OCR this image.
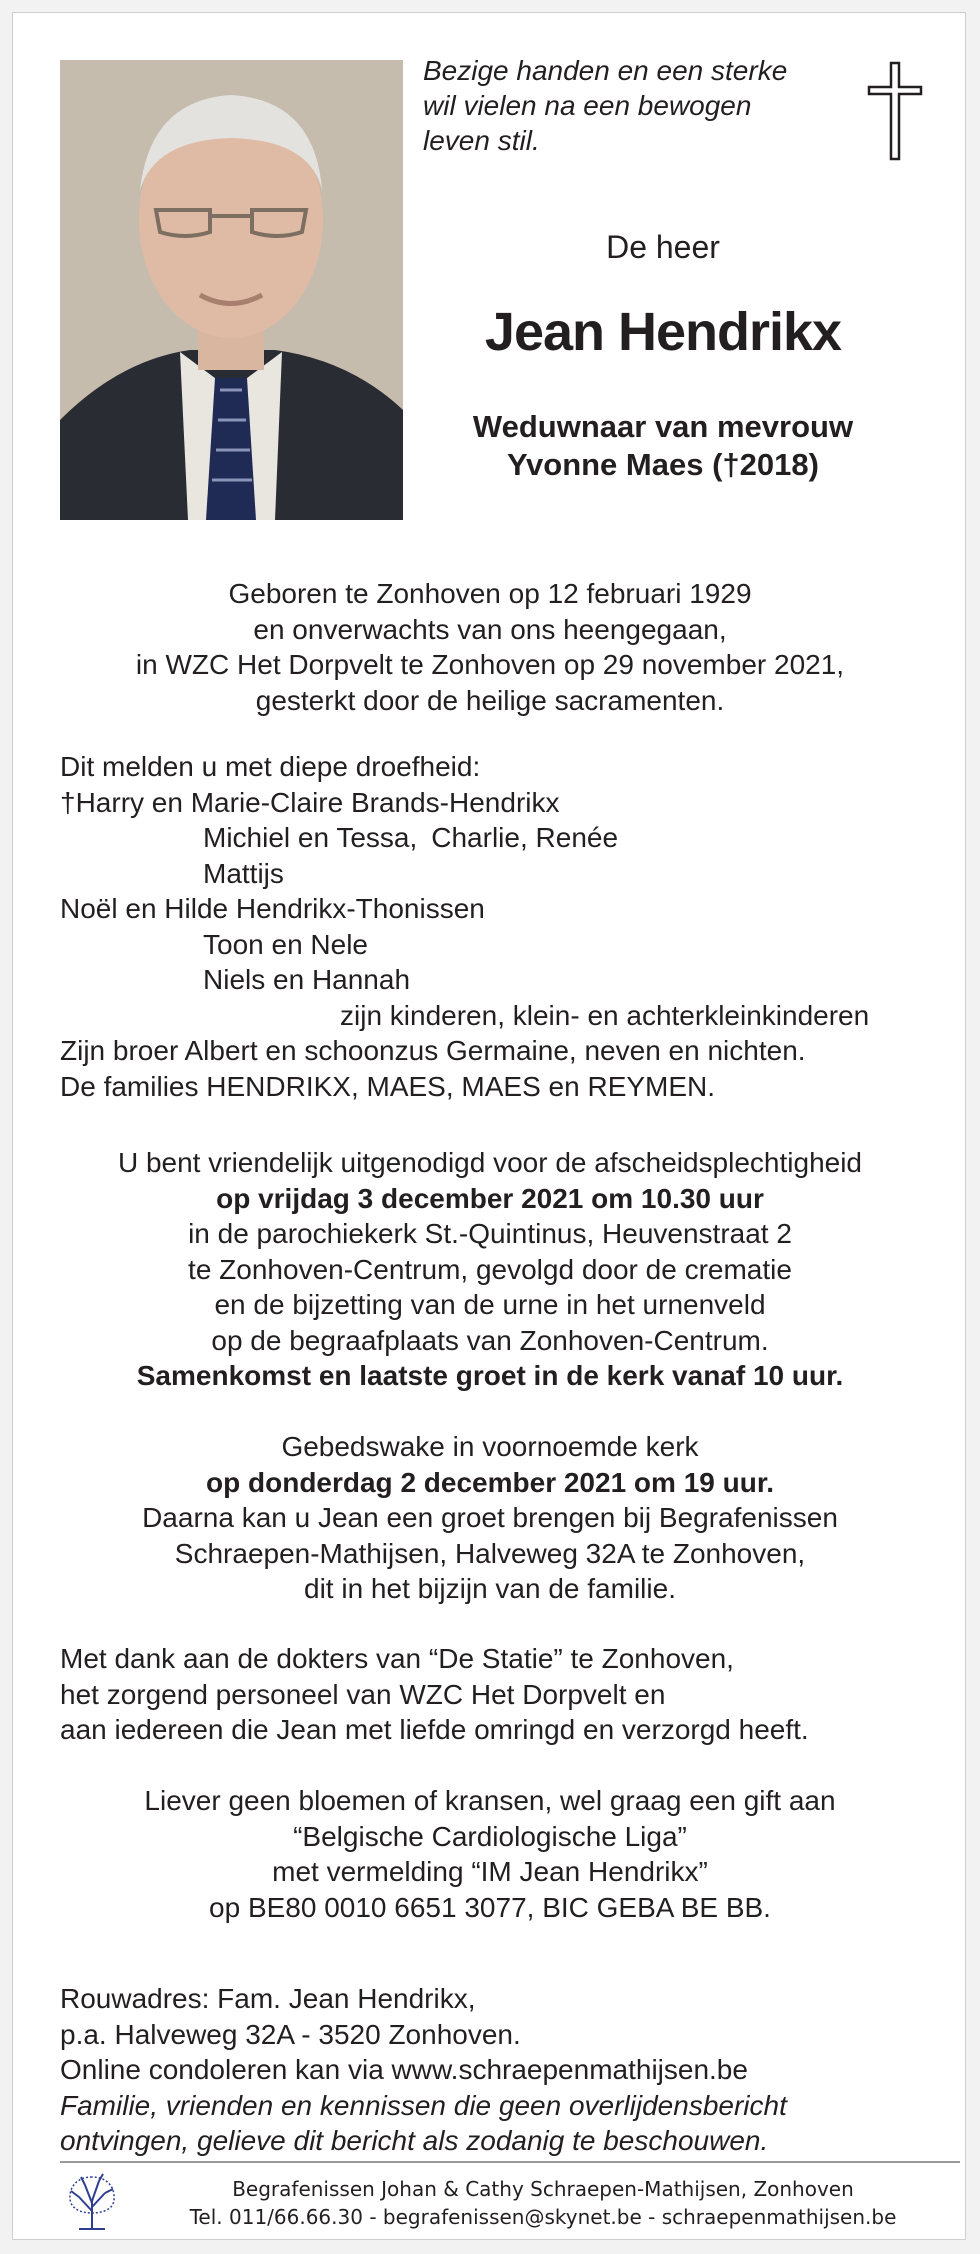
Bezige handen en een sterke
wil vielen na een bewogen
leven stil.

De heer
Jean Hendrikx
Weduwnaar van mevrouw
Yvonne Maes (†2018)
Geboren te Zonhoven op 12 februari 1929
en onverwachts van ons heengegaan,
in WZC Het Dorpvelt te Zonhoven op 29 november 2021,
gesterkt door de heilige sacramenten.
Dit melden u met diepe droefheid:
†Harry en Marie-Claire Brands-Hendrikx
Michiel en Tessa, Charlie, Renée
Mattijs
Noël en Hilde Hendrikx-Thonissen
Toon en Nele
Niels en Hannah
zijn kinderen, klein- en achterkleinkinderen
Zijn broer Albert en schoonzus Germaine, neven en nichten.
De families HENDRIKX, MAES, MAES en REYMEN.
U bent vriendelijk uitgenodigd voor de afscheidsplechtigheid
op vrijdag 3 december 2021 om 10.30 uur
in de parochiekerk St.-Quintinus, Heuvenstraat 2
te Zonhoven-Centrum, gevolgd door de crematie
en de bijzetting van de urne in het urnenveld
op de begraafplaats van Zonhoven-Centrum.
Samenkomst en laatste groet in de kerk vanaf 10 uur.
Gebedswake in voornoemde kerk
op donderdag 2 december 2021 om 19 uur.
Daarna kan u Jean een groet brengen bij Begrafenissen
Schraepen-Mathijsen, Halveweg 32A te Zonhoven,
dit in het bijzijn van de familie.
Met dank aan de dokters van “De Statie” te Zonhoven,
het zorgend personeel van WZC Het Dorpvelt en
aan iedereen die Jean met liefde omringd en verzorgd heeft.
Liever geen bloemen of kransen, wel graag een gift aan
“Belgische Cardiologische Liga”
met vermelding “IM Jean Hendrikx”
op BE80 0010 6651 3077, BIC GEBA BE BB.
Rouwadres: Fam. Jean Hendrikx,
p.a. Halveweg 32A - 3520 Zonhoven.
Online condoleren kan via www.schraepenmathijsen.be
Familie, vrienden en kennissen die geen overlijdensbericht
ontvingen, gelieve dit bericht als zodanig te beschouwen.
Begrafenissen Johan & Cathy Schraepen-Mathijsen, Zonhoven
Tel. 011/66.66.30 - begrafenissen@skynet.be - schraepenmathijsen.be
